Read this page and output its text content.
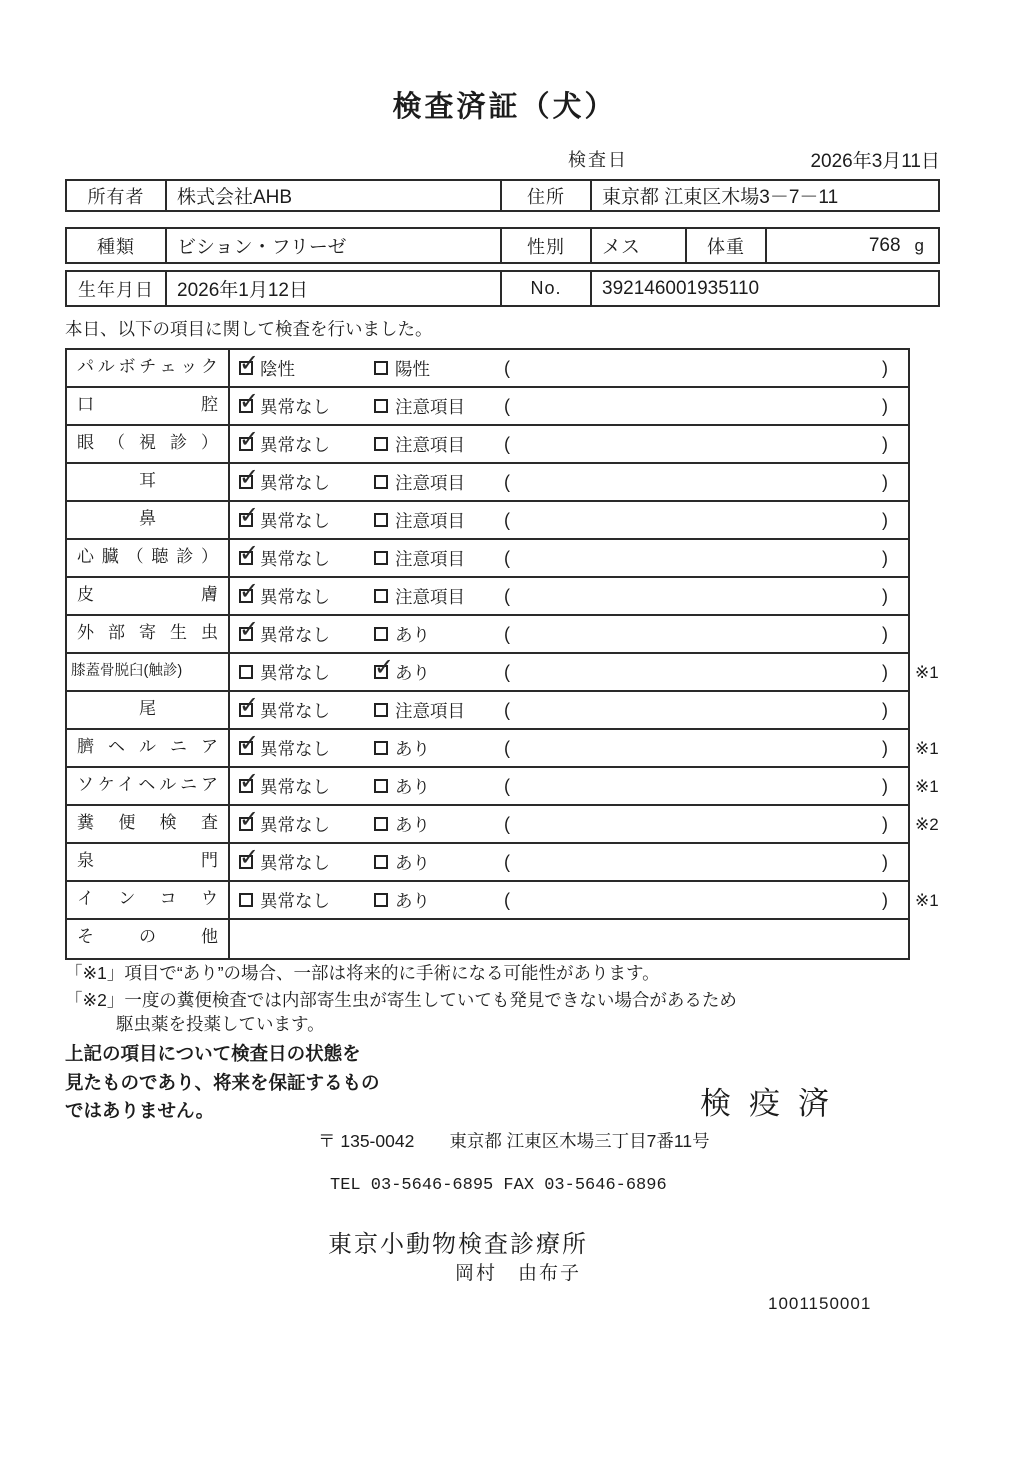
検査済証（犬）
検査日	2026年3月11日
所有者	株式会社AHB	住所	東京都 江東区木場3－7－11
種類	ビション・フリーゼ	性別	メス	体重	768 g
生年月日	2026年1月12日	No.	392146001935110
本日、以下の項目に関して検査を行いました。
パルボチェック ✓ 陰性	陽性	(	)
口腔 ✓ 異常なし	注意項目 (	)
眼（視診） ✓ 異常なし	注意項目 (	)
耳	✓ 異常なし	注意項目 (	)
鼻	✓ 異常なし	注意項目 (	)
心臓（聴診） ✓ 異常なし	注意項目 (	)
皮膚 ✓ 異常なし	注意項目 (	)
外部寄生虫 ✓ 異常なし	あり	(	)
膝蓋骨脱臼(触診)	異常なし ✓ あり	(	) ※1
尾	✓ 異常なし	注意項目 (	)
臍ヘルニア ✓ 異常なし	あり	(	) ※1
ソケイヘルニア ✓ 異常なし	あり	(	) ※1
糞便検査 ✓ 異常なし	あり	(	) ※2
泉門 ✓ 異常なし	あり	(	)
インコウ	異常なし	あり	(	) ※1
その他
「※1」項目で“あり”の場合、一部は将来的に手術になる可能性があります。
「※2」一度の糞便検査では内部寄生虫が寄生していても発見できない場合があるため
駆虫薬を投薬しています。
上記の項目について検査日の状態を
見たものであり、将来を保証するもの
ではありません。	検疫済
〒 135-0042　　東京都 江東区木場三丁目7番11号
TEL 03-5646-6895 FAX 03-5646-6896
東京小動物検査診療所
岡村　由布子
1001150001
